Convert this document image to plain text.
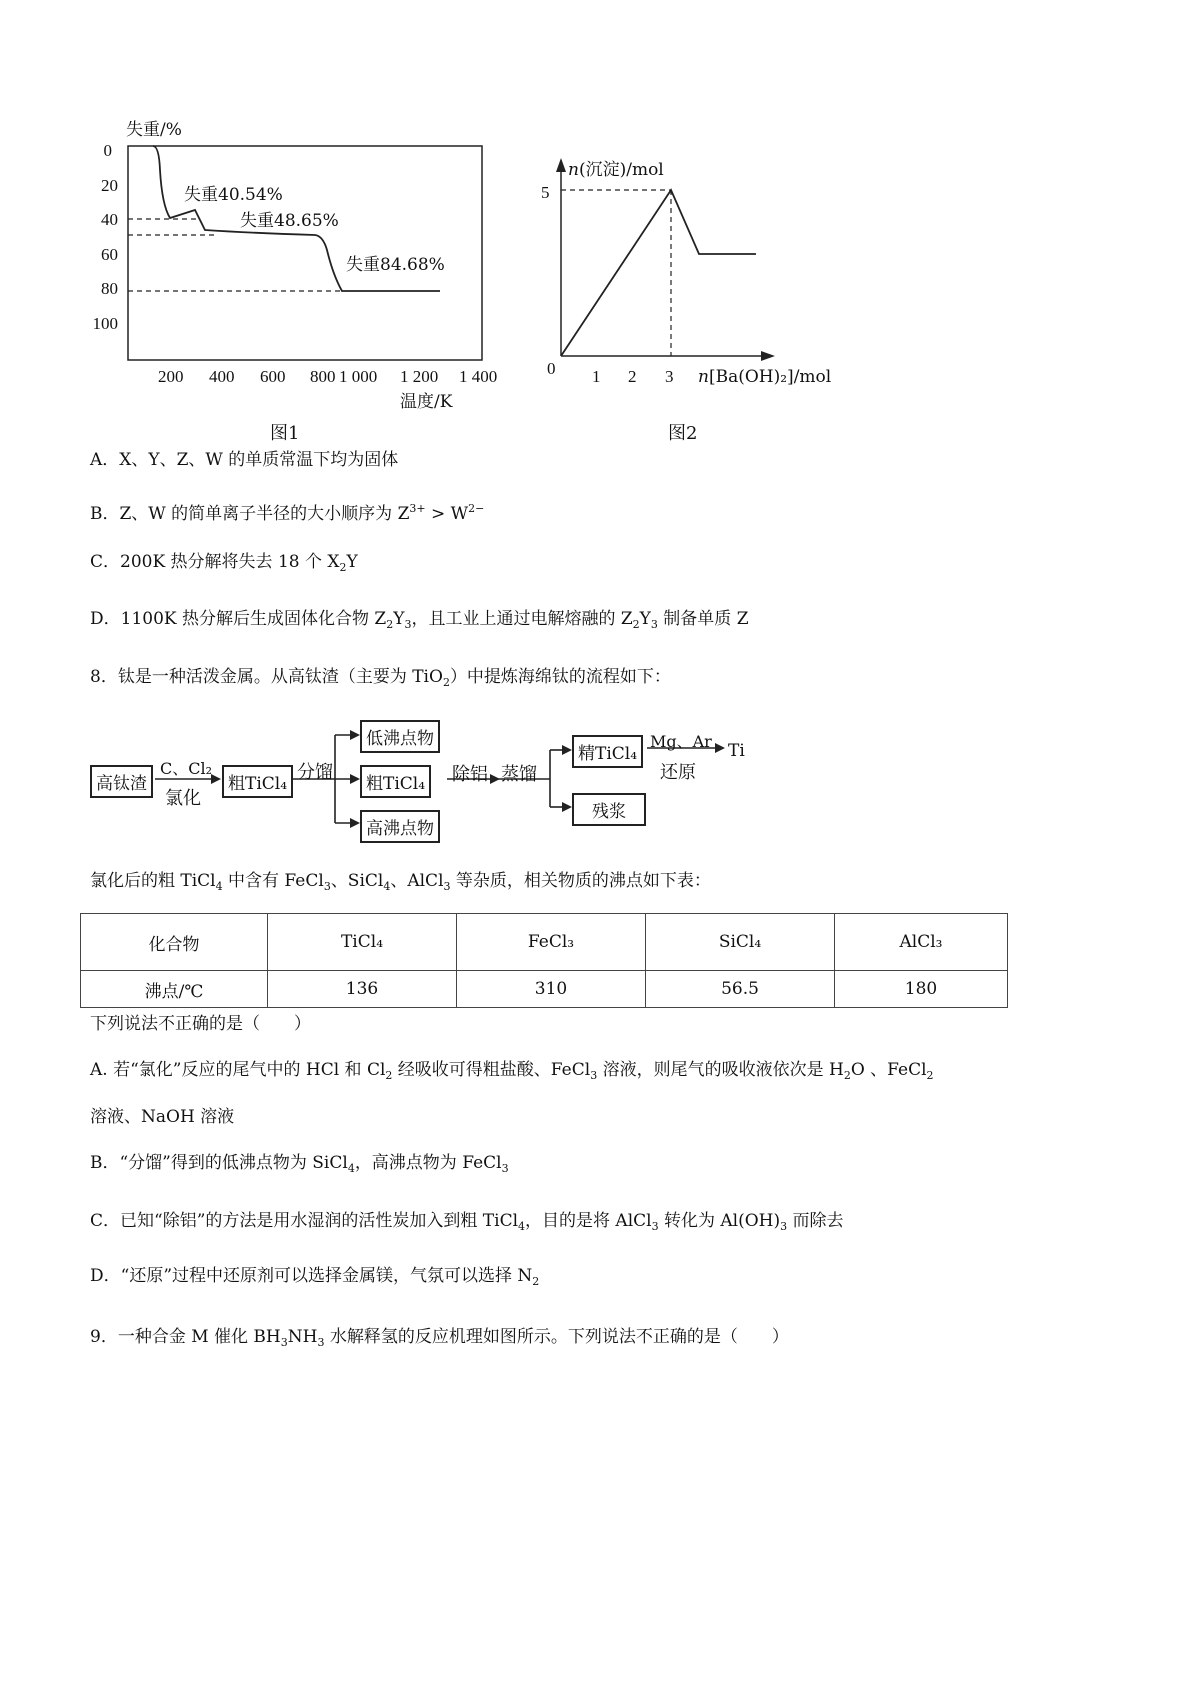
失重/%
0
20
40
60
80
100
失重40.54%
失重48.65%
失重84.68%
200 400 600 800 1 000 1 200 1 400
温度/K
图1
n(沉淀)/mol
0
5
1 2 3 n[Ba(OH)₂]/mol
图2
A．X、Y、Z、W 的单质常温下均为固体
B．Z、W 的简单离子半径的大小顺序为 $Z^{3+} > W^{2-}$
C．200K 热分解将失去 18 个 $X_2Y$
D．1100K 热分解后生成固体化合物 $Z_2Y_3$，且工业上通过电解熔融的 $Z_2Y_3$ 制备单质 Z
8．钛是一种活泼金属。从高钛渣（主要为 TiO$_2$）中提炼海绵钛的流程如下：
高钛渣
C、Cl₂
氯化
粗TiCl₄
分馏
低沸点物
粗TiCl₄
高沸点物
除铝 蒸馏
精TiCl₄
残浆
Mg、Ar
还原
Ti
氯化后的粗 TiCl$_4$ 中含有 FeCl$_3$、SiCl$_4$、AlCl$_3$ 等杂质，相关物质的沸点如下表：
化合物	TiCl₄	FeCl₃	SiCl₄	AlCl₃
沸点/℃	136	310	56.5	180
下列说法不正确的是（　　）
A. 若“氯化”反应的尾气中的 HCl 和 $Cl_2$ 经吸收可得粗盐酸、FeCl$_3$ 溶液，则尾气的吸收液依次是 $H_2O$ 、FeCl$_2$
溶液、NaOH 溶液
B．“分馏”得到的低沸点物为 SiCl$_4$，高沸点物为 FeCl$_3$
C．已知“除铝”的方法是用水湿润的活性炭加入到粗 TiCl$_4$，目的是将 AlCl$_3$ 转化为 $Al(OH)_3$ 而除去
D．“还原”过程中还原剂可以选择金属镁，气氛可以选择 $N_2$
9．一种合金 M 催化 $BH_3NH_3$ 水解释氢的反应机理如图所示。下列说法不正确的是（　　）
